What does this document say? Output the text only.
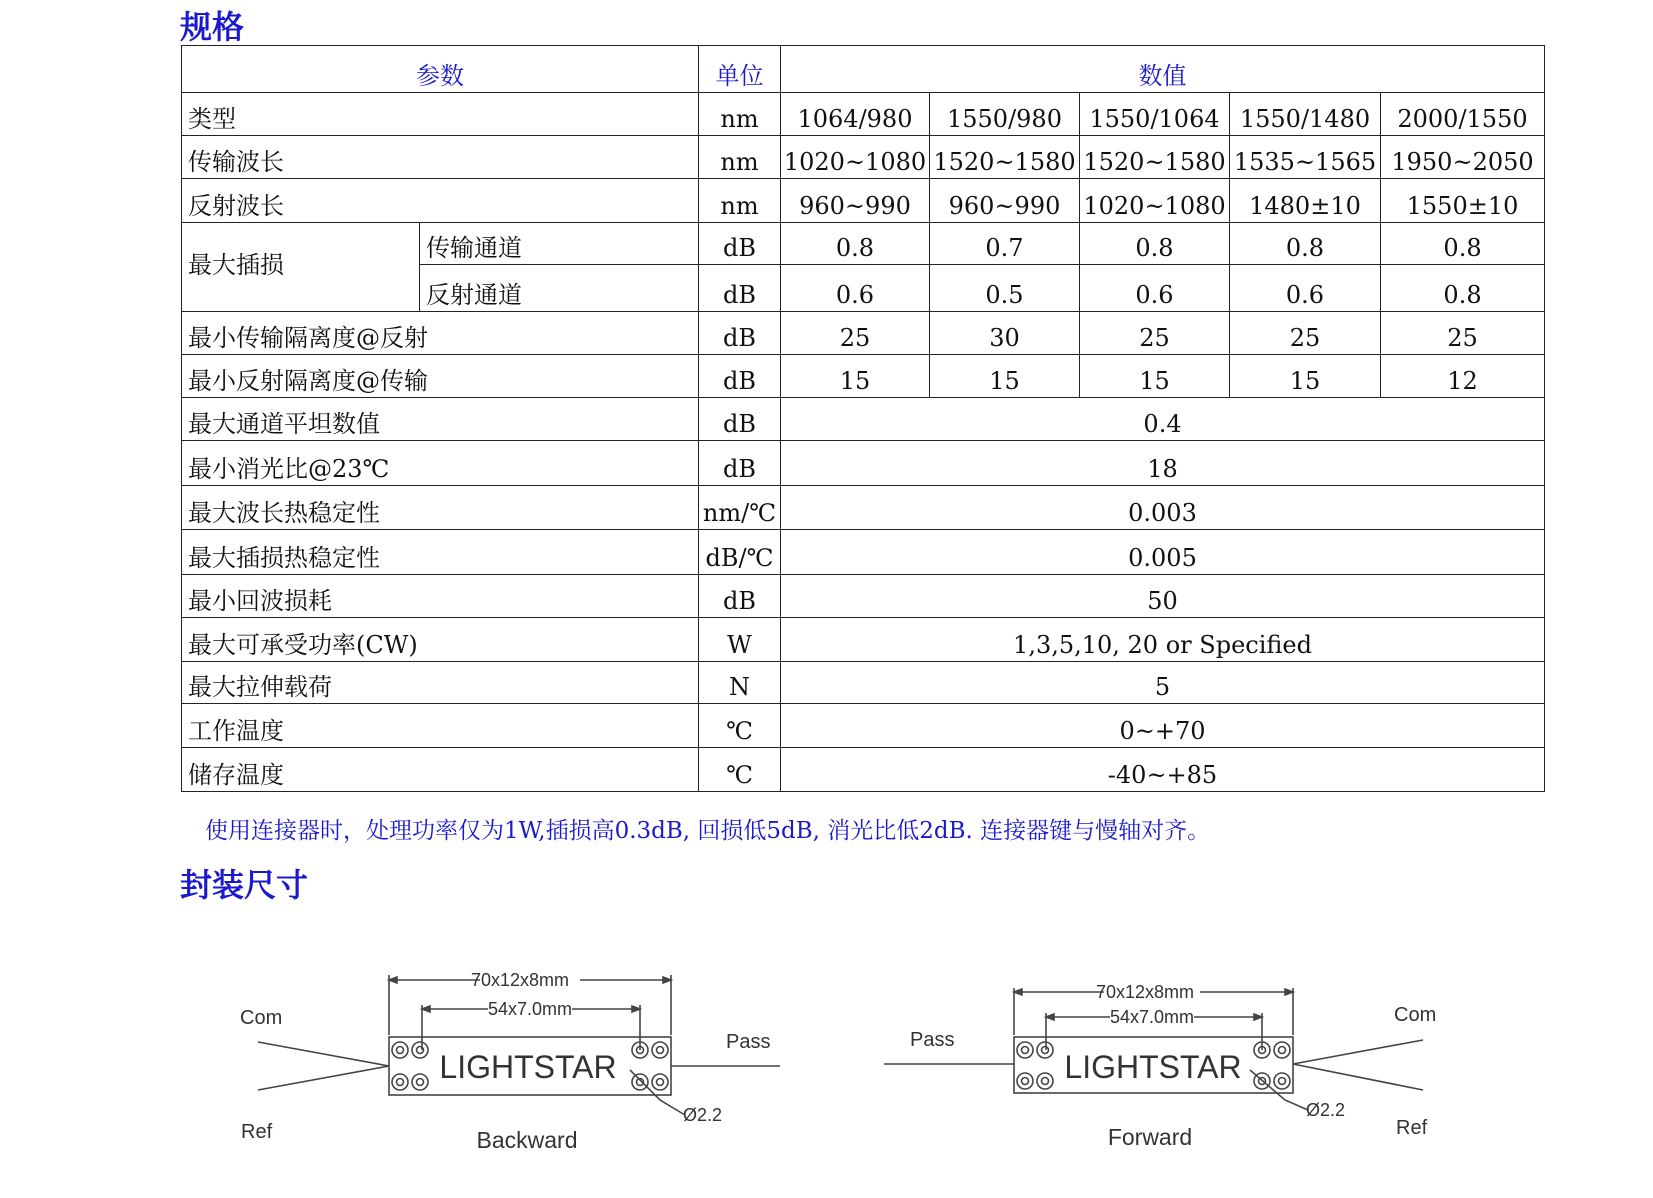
规格
参数		单位	数值				
类型		nm	1064/980	1550/980	1550/1064	1550/1480	2000/1550
传输波长		nm	1020~1080	1520~1580	1520~1580	1535~1565	1950~2050
反射波长		nm	960~990	960~990	1020~1080	1480±10	1550±10
最大插损	传输通道	dB	0.8	0.7	0.8	0.8	0.8
	反射通道	dB	0.6	0.5	0.6	0.6	0.8
最小传输隔离度@反射		dB	25	30	25	25	25
最小反射隔离度@传输		dB	15	15	15	15	12
最大通道平坦数值		dB	0.4				
最小消光比@23℃		dB	18				
最大波长热稳定性		nm/℃	0.003				
最大插损热稳定性		dB/℃	0.005				
最小回波损耗		dB	50				
最大可承受功率(CW)		W	1,3,5,10, 20 or Specified				
最大拉伸载荷		N	5				
工作温度		℃	0~+70				
储存温度		℃	-40~+85				
使用连接器时，处理功率仅为1W,插损高0.3dB, 回损低5dB, 消光比低2dB. 连接器键与慢轴对齐。
封装尺寸
70x12x8mm
54x7.0mm
LIGHTSTAR
Com
Ref
Pass
Ø2.2
Backward
70x12x8mm
54x7.0mm
LIGHTSTAR
Com
Ref
Pass
Ø2.2
Forward
